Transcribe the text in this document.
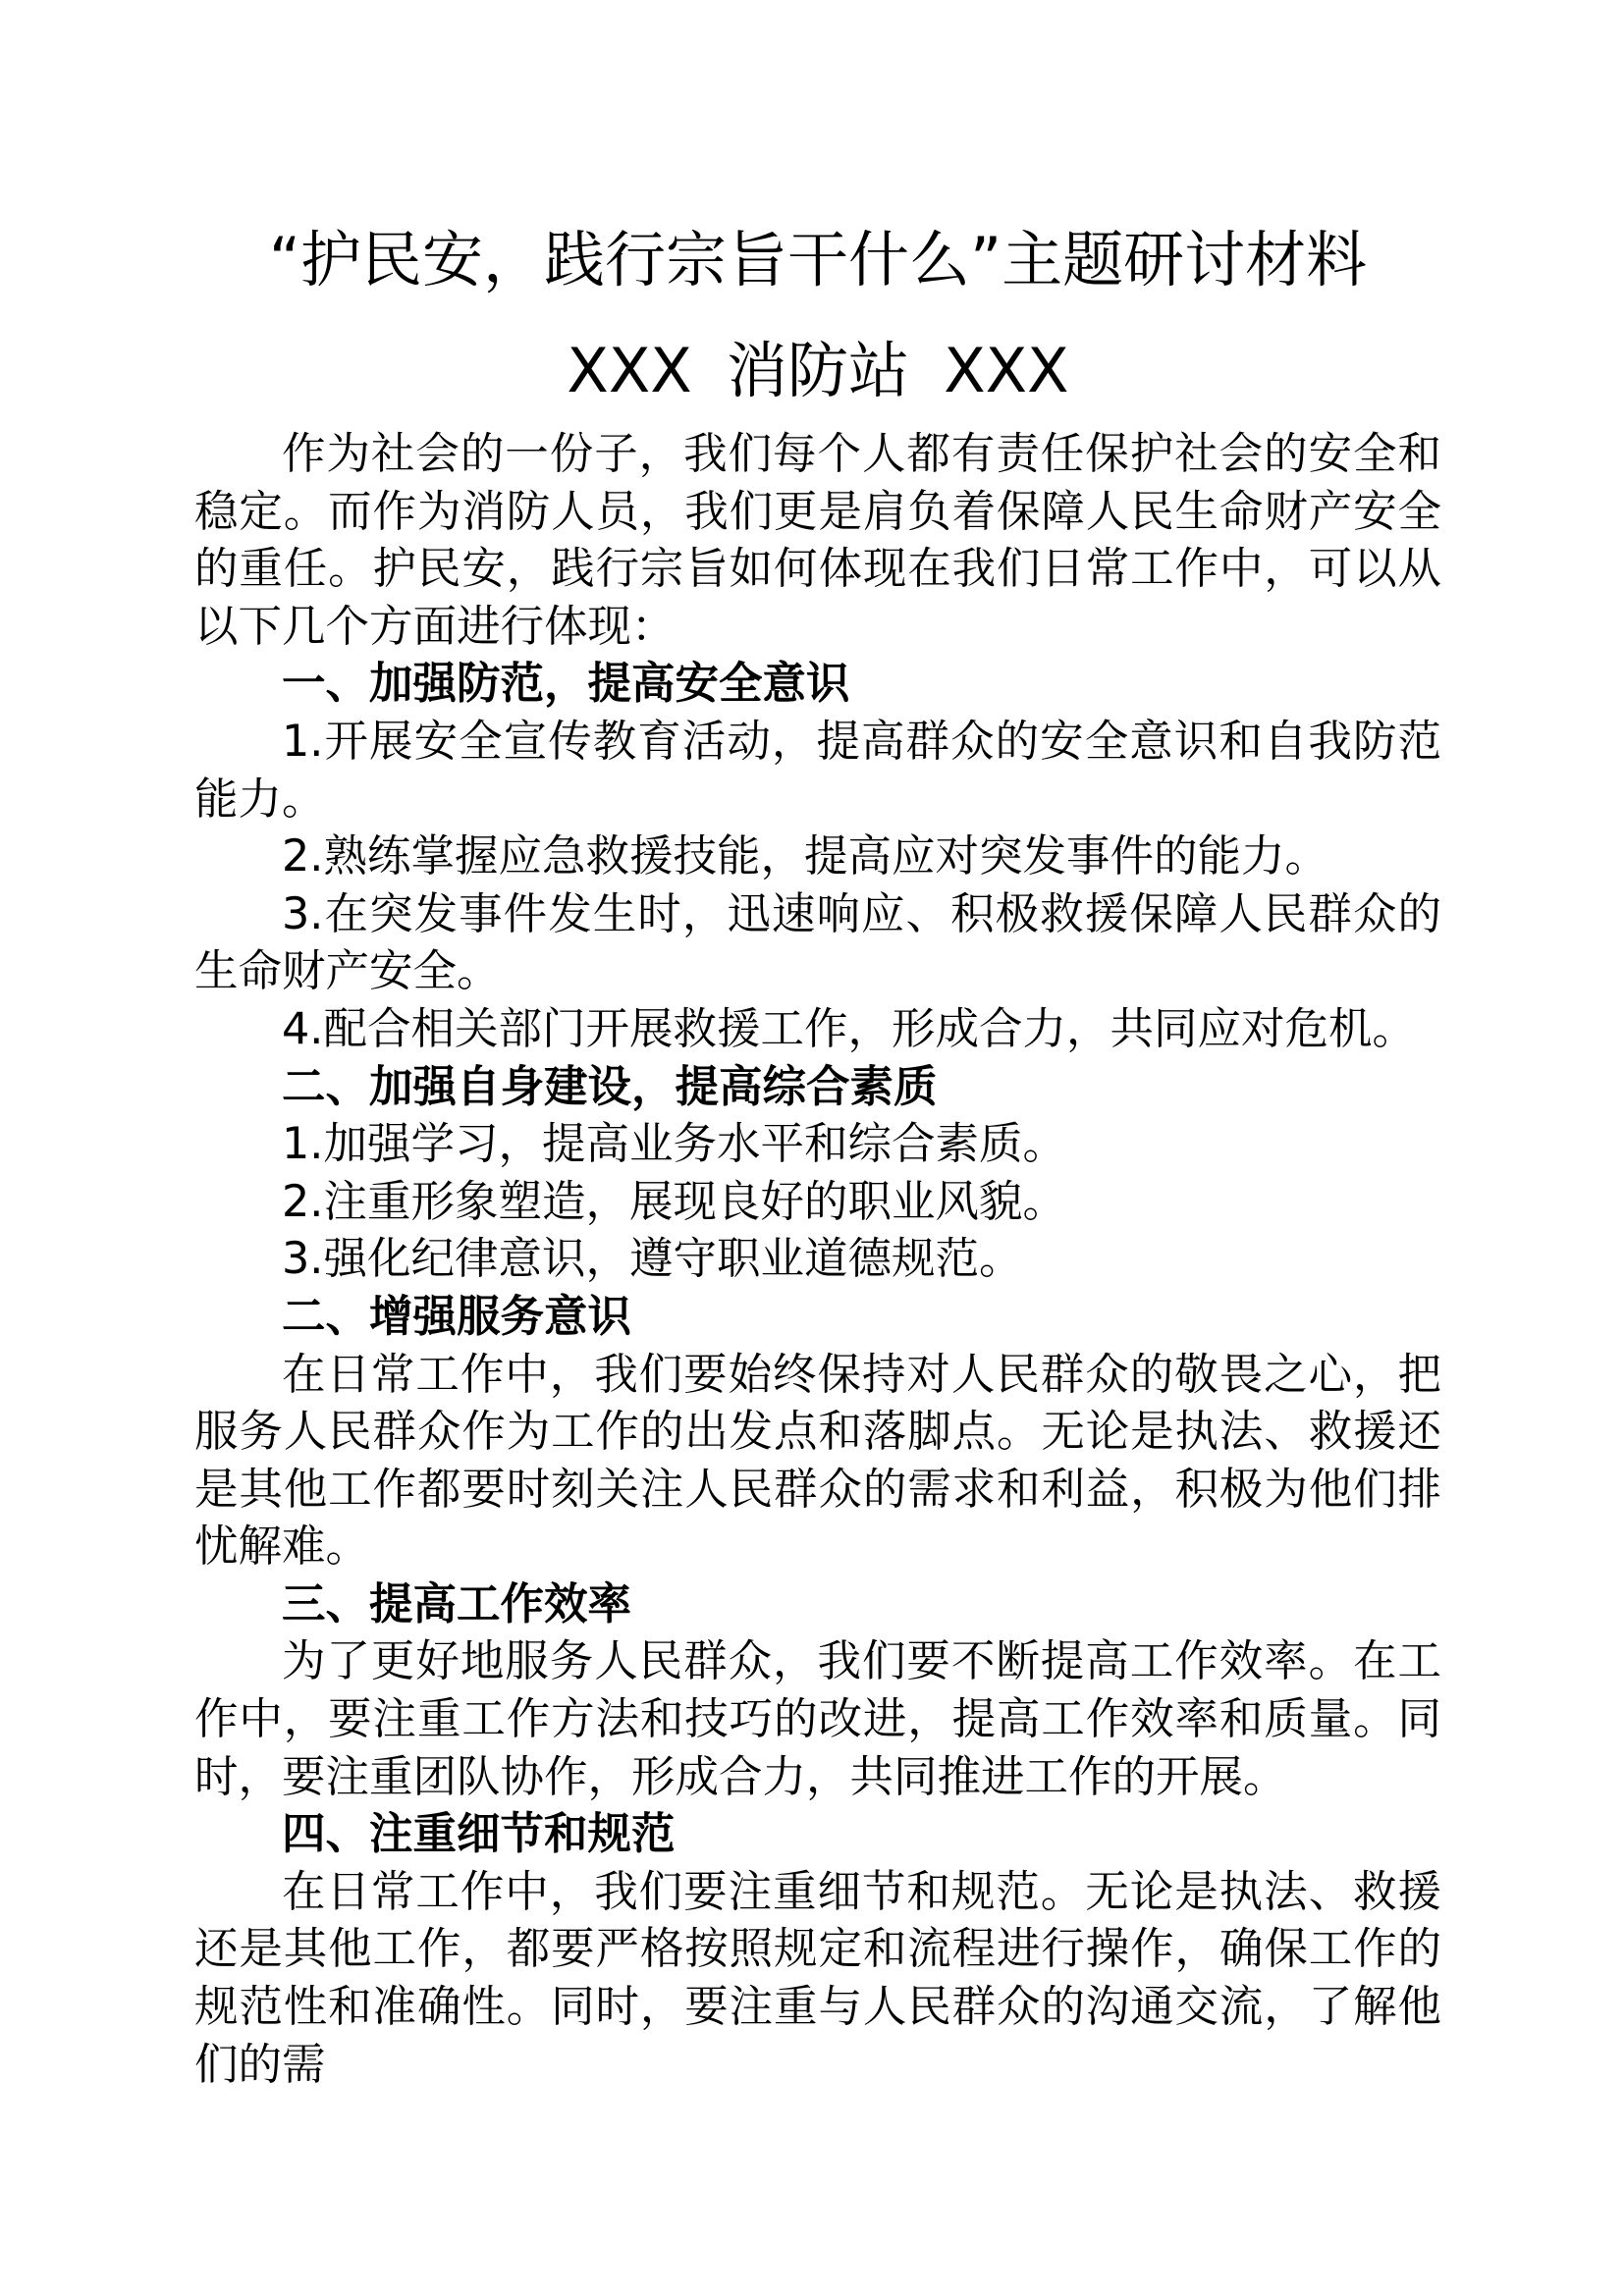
“护民安，践行宗旨干什么”主题研讨材料
XXX 消防站 XXX

作为社会的一份子，我们每个人都有责任保护社会的安全和稳定。而作为消防人员，我们更是肩负着保障人民生命财产安全的重任。护民安，践行宗旨如何体现在我们日常工作中，可以从以下几个方面进行体现：

一、加强防范，提高安全意识

1.开展安全宣传教育活动，提高群众的安全意识和自我防范能力。

2.熟练掌握应急救援技能，提高应对突发事件的能力。

3.在突发事件发生时，迅速响应、积极救援保障人民群众的生命财产安全。

4.配合相关部门开展救援工作，形成合力，共同应对危机。

二、加强自身建设，提高综合素质

1.加强学习，提高业务水平和综合素质。

2.注重形象塑造，展现良好的职业风貌。

3.强化纪律意识，遵守职业道德规范。

二、增强服务意识

在日常工作中，我们要始终保持对人民群众的敬畏之心，把服务人民群众作为工作的出发点和落脚点。无论是执法、救援还是其他工作都要时刻关注人民群众的需求和利益，积极为他们排忧解难。

三、提高工作效率

为了更好地服务人民群众，我们要不断提高工作效率。在工作中，要注重工作方法和技巧的改进，提高工作效率和质量。同时，要注重团队协作，形成合力，共同推进工作的开展。

四、注重细节和规范

在日常工作中，我们要注重细节和规范。无论是执法、救援还是其他工作，都要严格按照规定和流程进行操作，确保工作的规范性和准确性。同时，要注重与人民群众的沟通交流，了解他们的需
